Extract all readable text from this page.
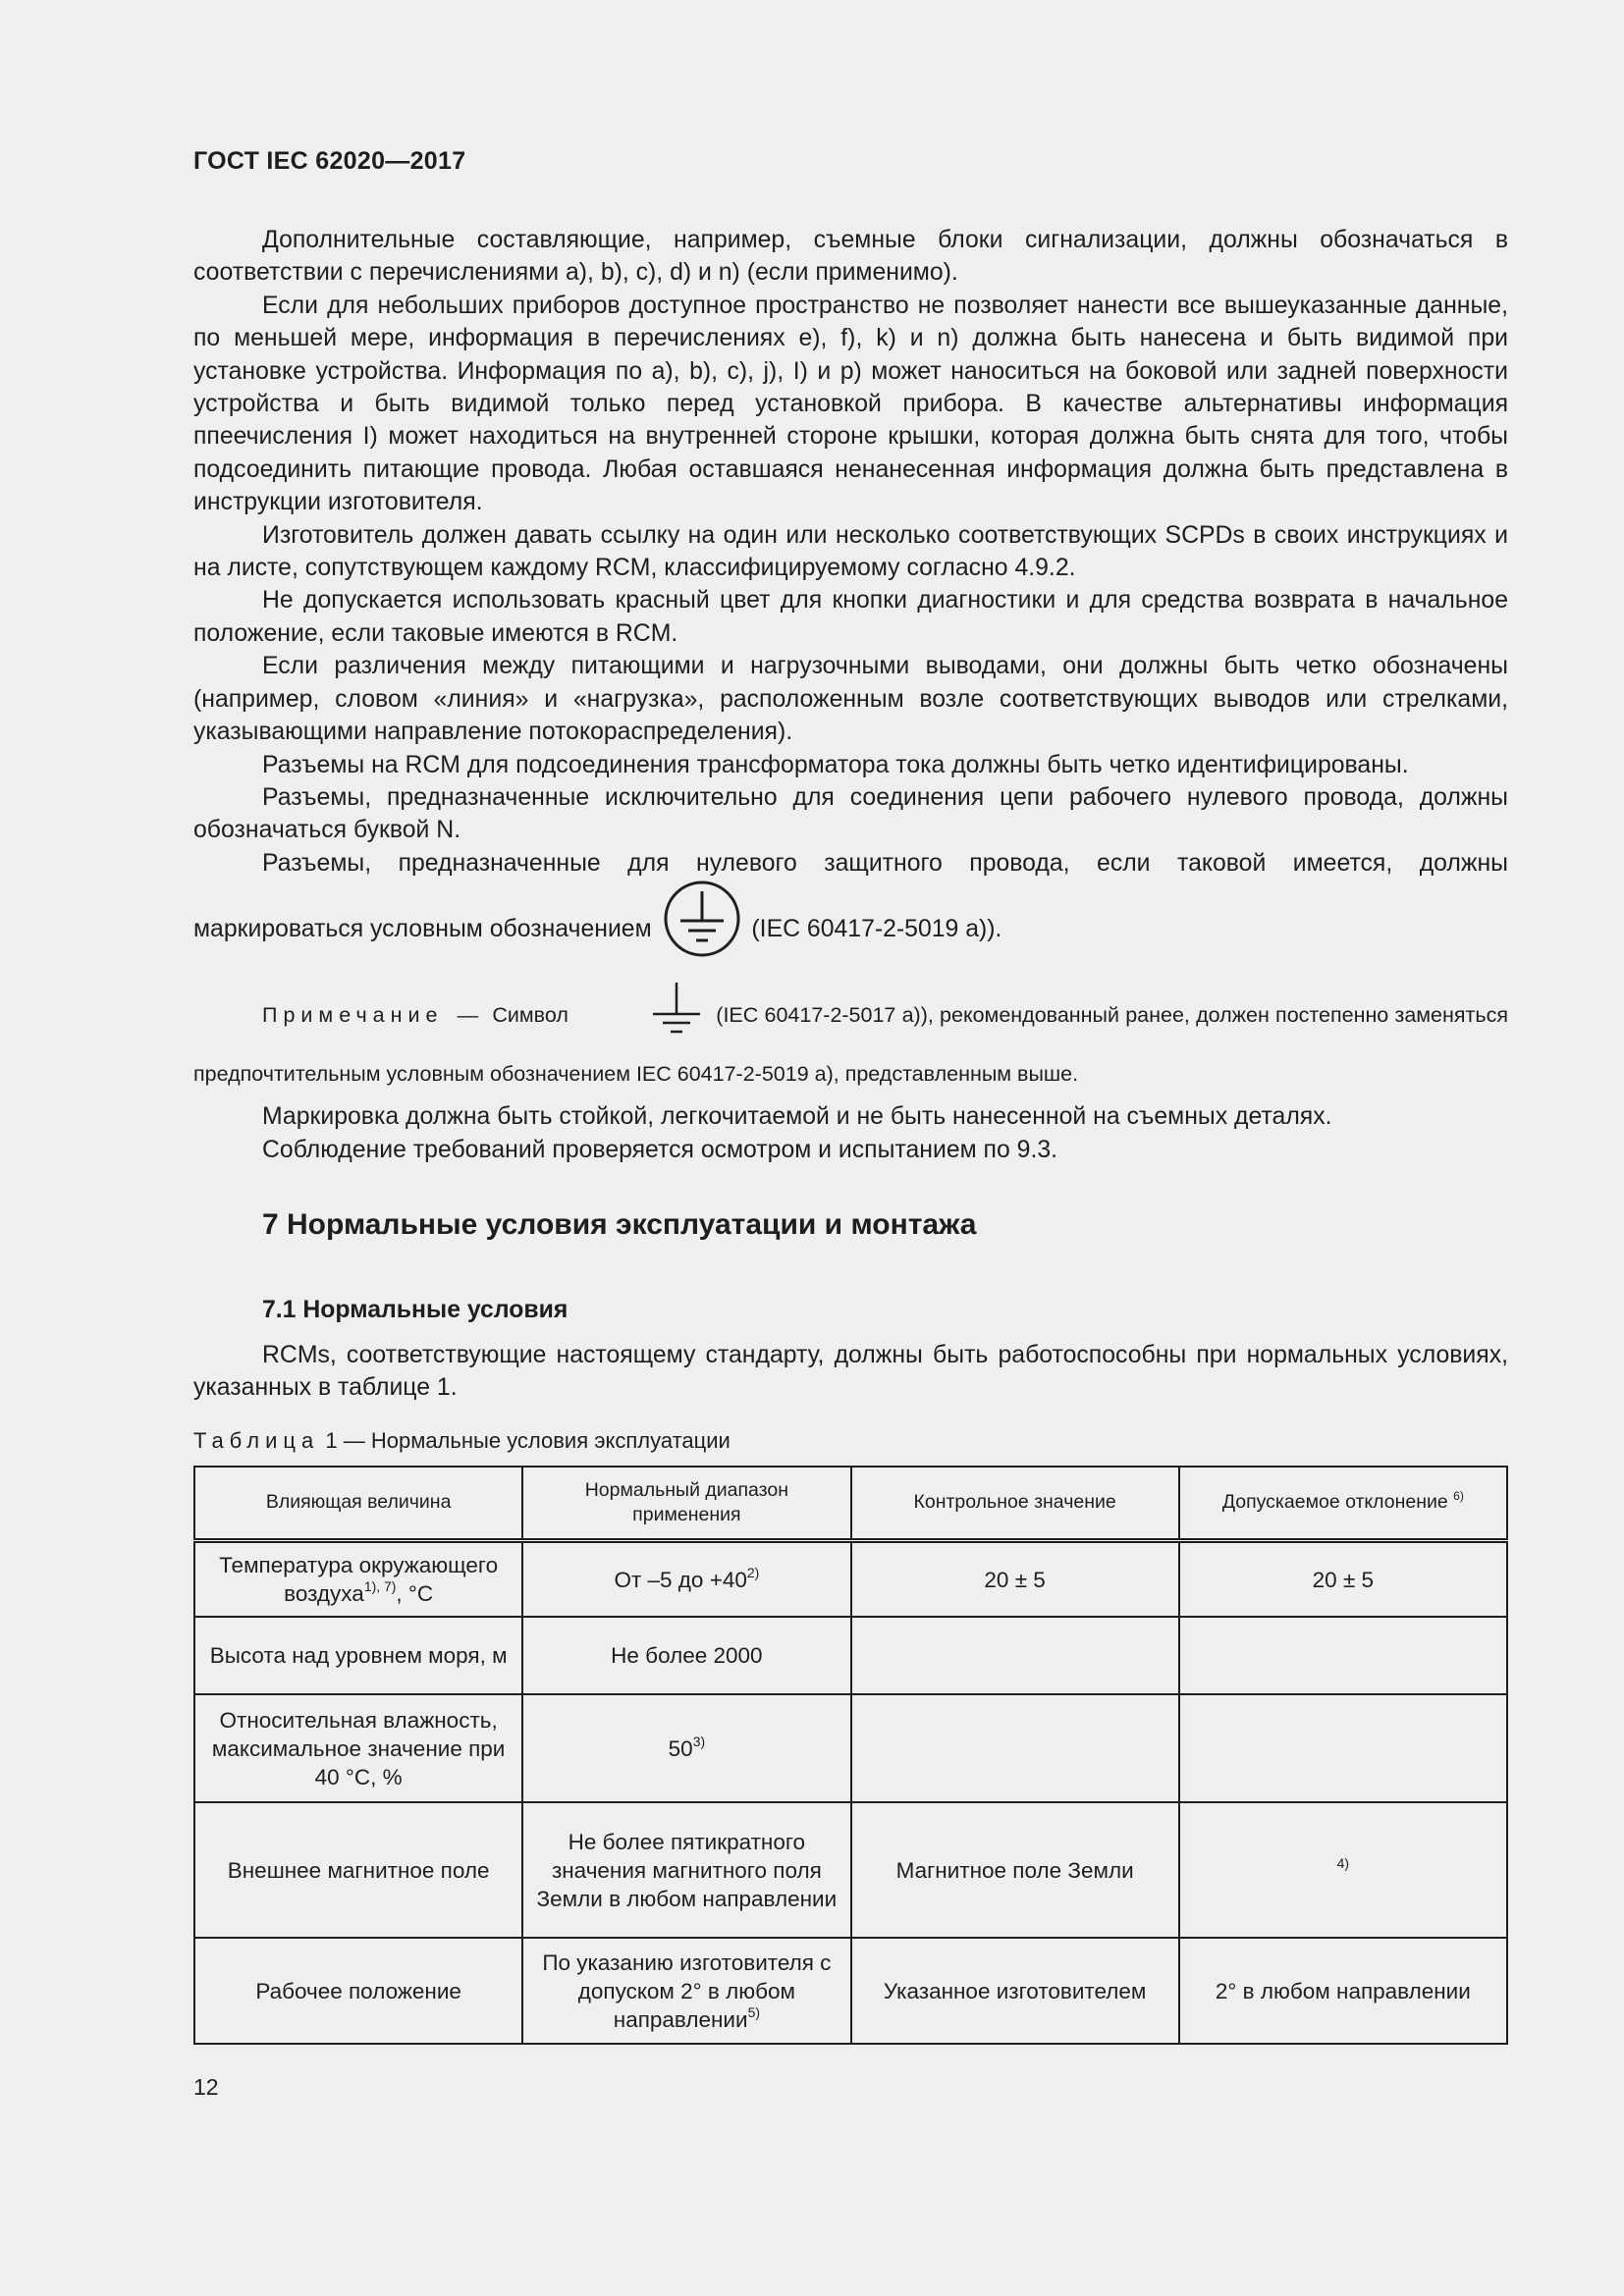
ГОСТ IEC 62020—2017

Дополнительные составляющие, например, съемные блоки сигнализации, должны обозначаться в соответствии с перечислениями а), b), с), d) и n) (если применимо).

Если для небольших приборов доступное пространство не позволяет нанести все вышеуказанные данные, по меньшей мере, информация в перечислениях е), f), k) и n) должна быть нанесена и быть видимой при установке устройства. Информация по а), b), с), j), I) и р) может наноситься на боковой или задней поверхности устройства и быть видимой только перед установкой прибора. В качестве альтернативы информация ппеечисления I) может находиться на внутренней стороне крышки, которая должна быть снята для того, чтобы подсоединить питающие провода. Любая оставшаяся ненанесенная информация должна быть представлена в инструкции изготовителя.

Изготовитель должен давать ссылку на один или несколько соответствующих SCPDs в своих инструкциях и на листе, сопутствующем каждому RCM, классифицируемому согласно 4.9.2.

Не допускается использовать красный цвет для кнопки диагностики и для средства возврата в начальное положение, если таковые имеются в RCM.

Если различения между питающими и нагрузочными выводами, они должны быть четко обозначены (например, словом «линия» и «нагрузка», расположенным возле соответствующих выводов или стрелками, указывающими направление потокораспределения).

Разъемы на RCM для подсоединения трансформатора тока должны быть четко идентифицированы.

Разъемы, предназначенные исключительно для соединения цепи рабочего нулевого провода, должны обозначаться буквой N.

Разъемы, предназначенные для нулевого защитного провода, если таковой имеется, должны

маркироваться условным обозначением	(IEC 60417-2-5019 а)).

Примечание — Символ	(IEC 60417-2-5017 а)), рекомендованный ранее, должен постепенно заменяться предпочтительным условным обозначением IEC 60417-2-5019 а), представленным выше.

Маркировка должна быть стойкой, легкочитаемой и не быть нанесенной на съемных деталях.

Соблюдение требований проверяется осмотром и испытанием по 9.3.

7 Нормальные условия эксплуатации и монтажа
7.1 Нормальные условия

RCMs, соответствующие настоящему стандарту, должны быть работоспособны при нормальных условиях, указанных в таблице 1.

Таблица 1 — Нормальные условия эксплуатации
Влияющая величина	Нормальный диапазон применения	Контрольное значение	Допускаемое отклонение $^{6)}$
Температура окружающего воздуха$^{1), 7)}$, °C	От –5 до $+40^{2)}$	20 ± 5	20 ± 5
Высота над уровнем моря, м	Не более 2000		
Относительная влажность, максимальное значение при 40 °С, %	50$^{3)}$		
Внешнее магнитное поле	Не более пятикратного значения магнитного поля Земли в любом направлении	Магнитное поле Земли	$^{4)}$
Рабочее положение	По указанию изготовителя с допуском 2° в любом направлении$^{5)}$	Указанное изготовителем	2° в любом направлении
12
